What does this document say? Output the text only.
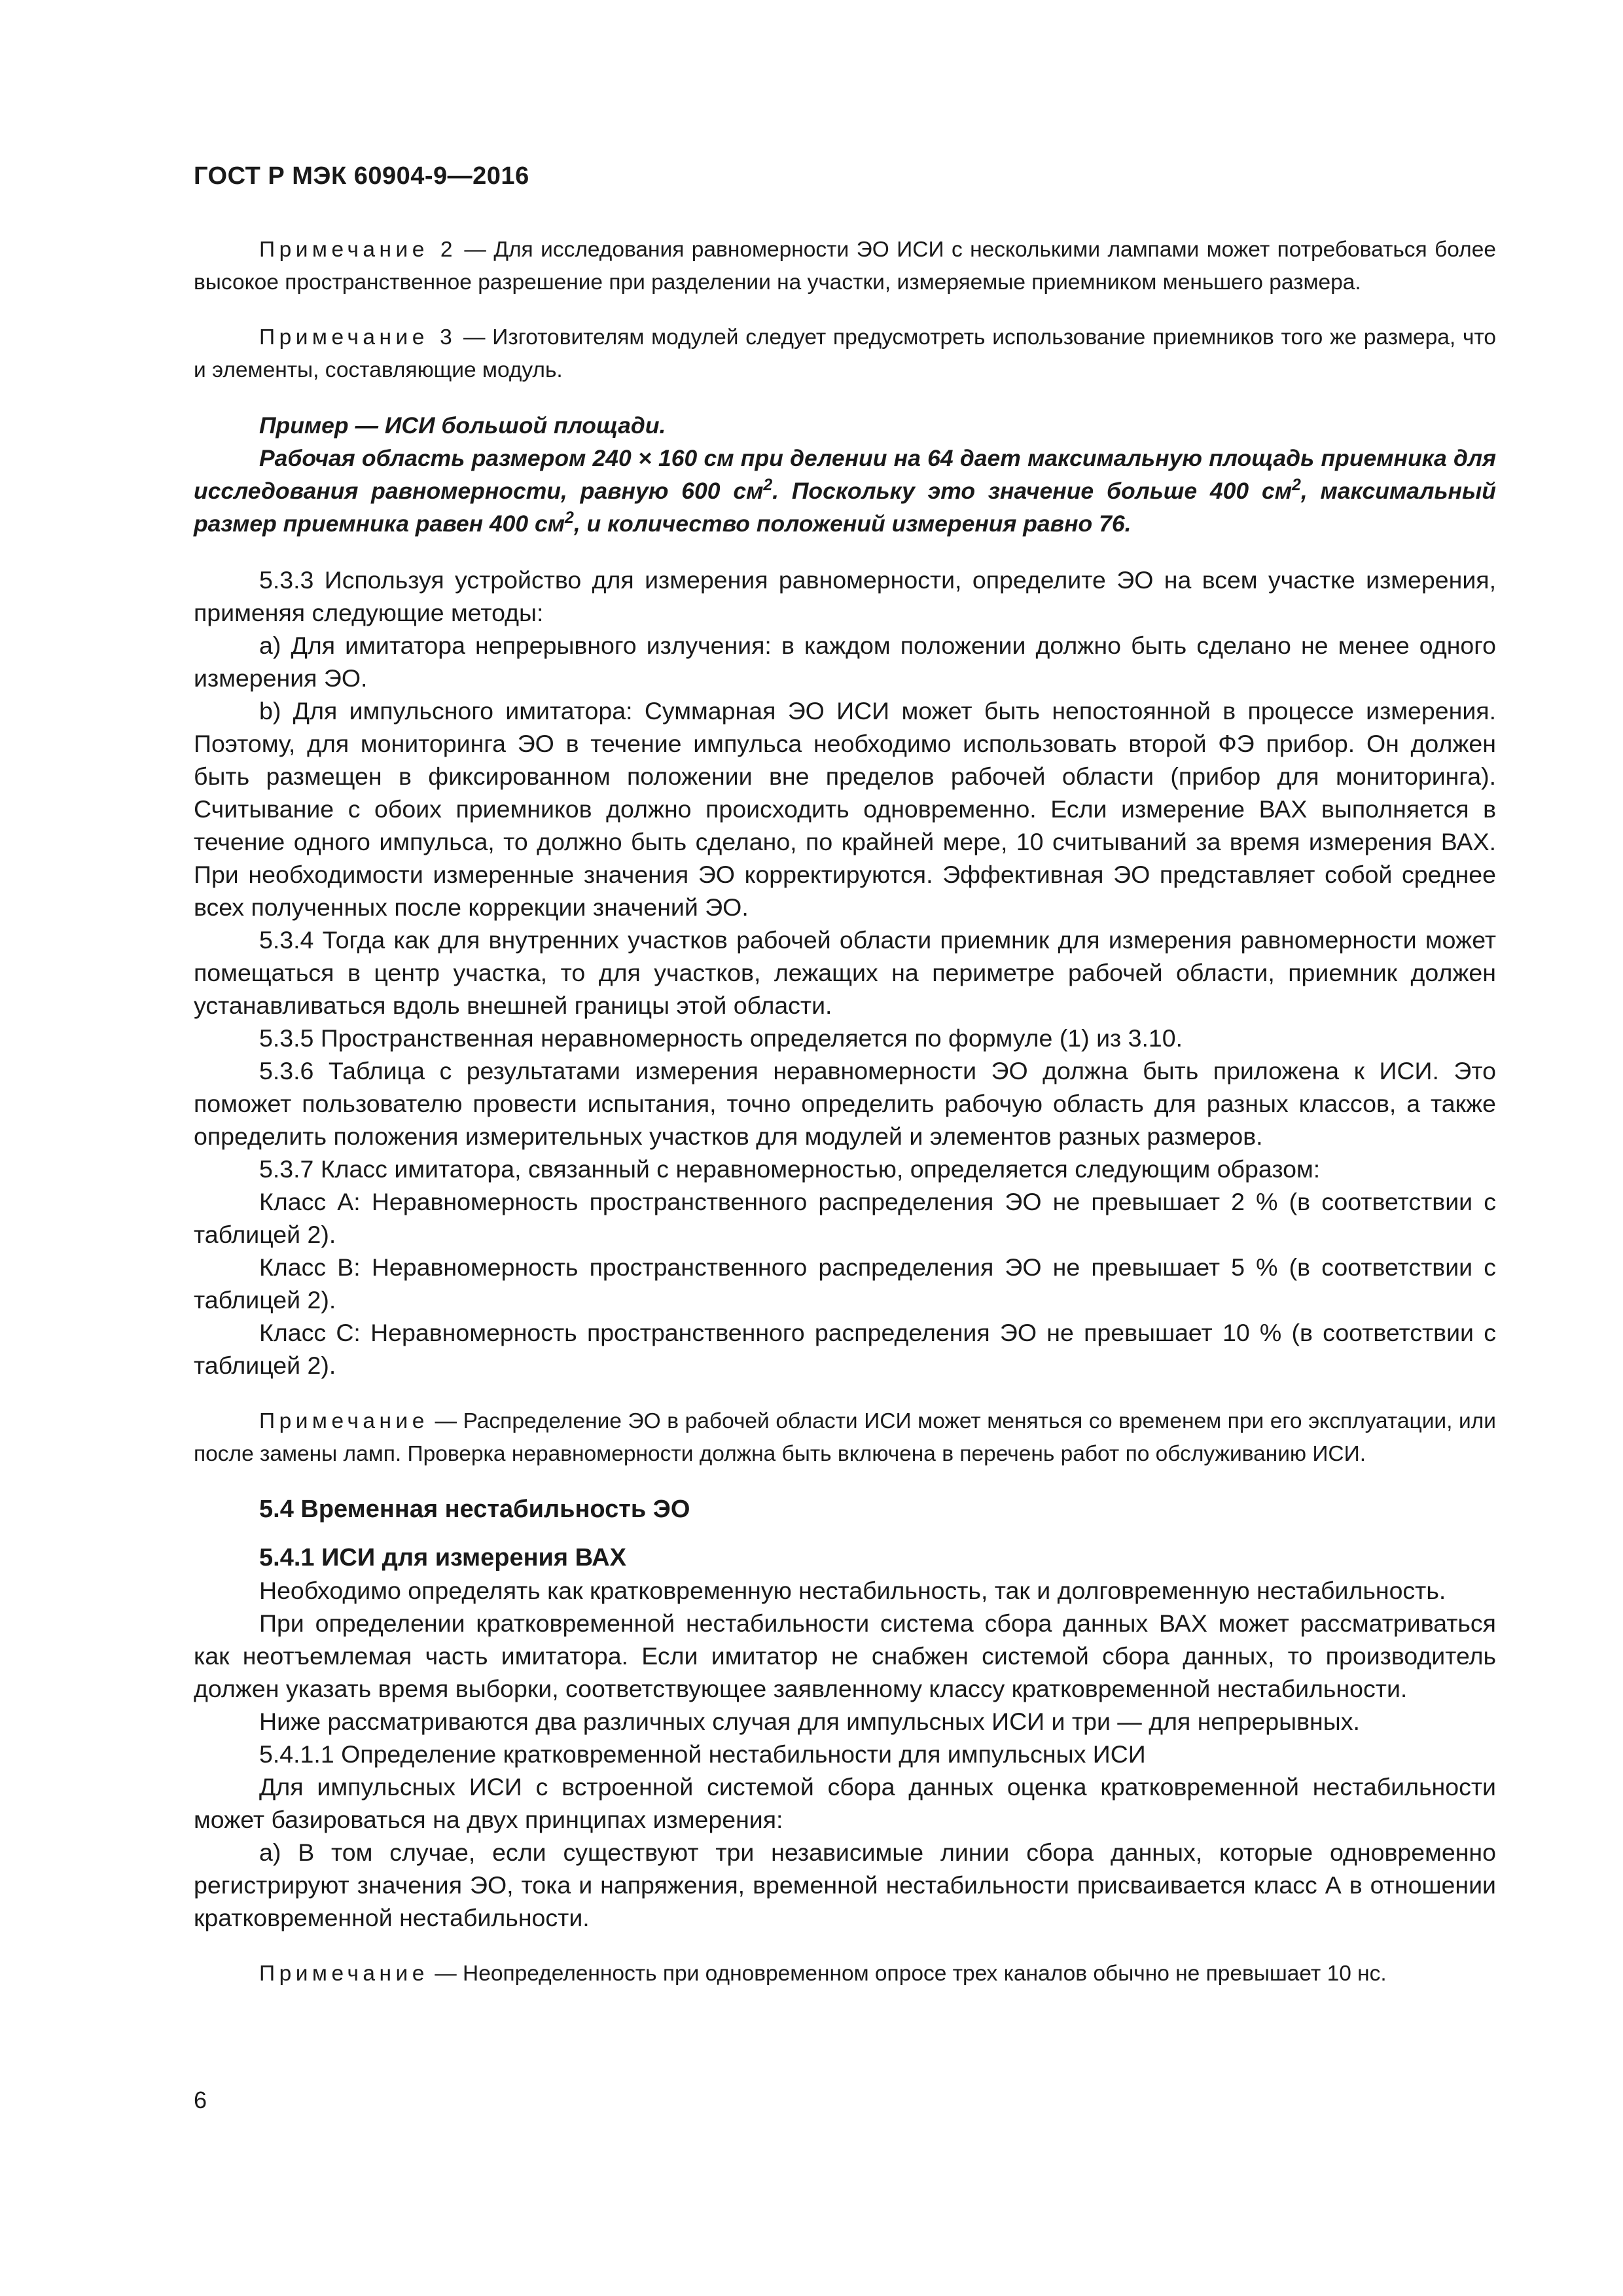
ГОСТ Р МЭК 60904-9—2016

Примечание 2 — Для исследования равномерности ЭО ИСИ с несколькими лампами может потребоваться более высокое пространственное разрешение при разделении на участки, измеряемые приемником меньшего размера.

Примечание 3 — Изготовителям модулей следует предусмотреть использование приемников того же размера, что и элементы, составляющие модуль.

Пример — ИСИ большой площади.

Рабочая область размером 240 × 160 см при делении на 64 дает максимальную площадь приемника для исследования равномерности, равную 600 $см^2$. Поскольку это значение больше 400 $см^2$, максимальный размер приемника равен 400 $см^2$, и количество положений измерения равно 76.

5.3.3 Используя устройство для измерения равномерности, определите ЭО на всем участке измерения, применяя следующие методы:

a) Для имитатора непрерывного излучения: в каждом положении должно быть сделано не менее одного измерения ЭО.

b) Для импульсного имитатора: Суммарная ЭО ИСИ может быть непостоянной в процессе измерения. Поэтому, для мониторинга ЭО в течение импульса необходимо использовать второй ФЭ прибор. Он должен быть размещен в фиксированном положении вне пределов рабочей области (прибор для мониторинга). Считывание с обоих приемников должно происходить одновременно. Если измерение ВАХ выполняется в течение одного импульса, то должно быть сделано, по крайней мере, 10 считываний за время измерения ВАХ. При необходимости измеренные значения ЭО корректируются. Эффективная ЭО представляет собой среднее всех полученных после коррекции значений ЭО.

5.3.4 Тогда как для внутренних участков рабочей области приемник для измерения равномерности может помещаться в центр участка, то для участков, лежащих на периметре рабочей области, приемник должен устанавливаться вдоль внешней границы этой области.

5.3.5 Пространственная неравномерность определяется по формуле (1) из 3.10.

5.3.6 Таблица с результатами измерения неравномерности ЭО должна быть приложена к ИСИ. Это поможет пользователю провести испытания, точно определить рабочую область для разных классов, а также определить положения измерительных участков для модулей и элементов разных размеров.

5.3.7 Класс имитатора, связанный с неравномерностью, определяется следующим образом:

Класс А: Неравномерность пространственного распределения ЭО не превышает 2 % (в соответствии с таблицей 2).

Класс В: Неравномерность пространственного распределения ЭО не превышает 5 % (в соответствии с таблицей 2).

Класс С: Неравномерность пространственного распределения ЭО не превышает 10 % (в соответствии с таблицей 2).

Примечание — Распределение ЭО в рабочей области ИСИ может меняться со временем при его эксплуатации, или после замены ламп. Проверка неравномерности должна быть включена в перечень работ по обслуживанию ИСИ.

5.4 Временная нестабильность ЭО

5.4.1 ИСИ для измерения ВАХ

Необходимо определять как кратковременную нестабильность, так и долговременную нестабильность.

При определении кратковременной нестабильности система сбора данных ВАХ может рассматриваться как неотъемлемая часть имитатора. Если имитатор не снабжен системой сбора данных, то производитель должен указать время выборки, соответствующее заявленному классу кратковременной нестабильности.

Ниже рассматриваются два различных случая для импульсных ИСИ и три — для непрерывных.

5.4.1.1 Определение кратковременной нестабильности для импульсных ИСИ

Для импульсных ИСИ с встроенной системой сбора данных оценка кратковременной нестабильности может базироваться на двух принципах измерения:

a) В том случае, если существуют три независимые линии сбора данных, которые одновременно регистрируют значения ЭО, тока и напряжения, временной нестабильности присваивается класс А в отношении кратковременной нестабильности.

Примечание — Неопределенность при одновременном опросе трех каналов обычно не превышает 10 нс.

6
